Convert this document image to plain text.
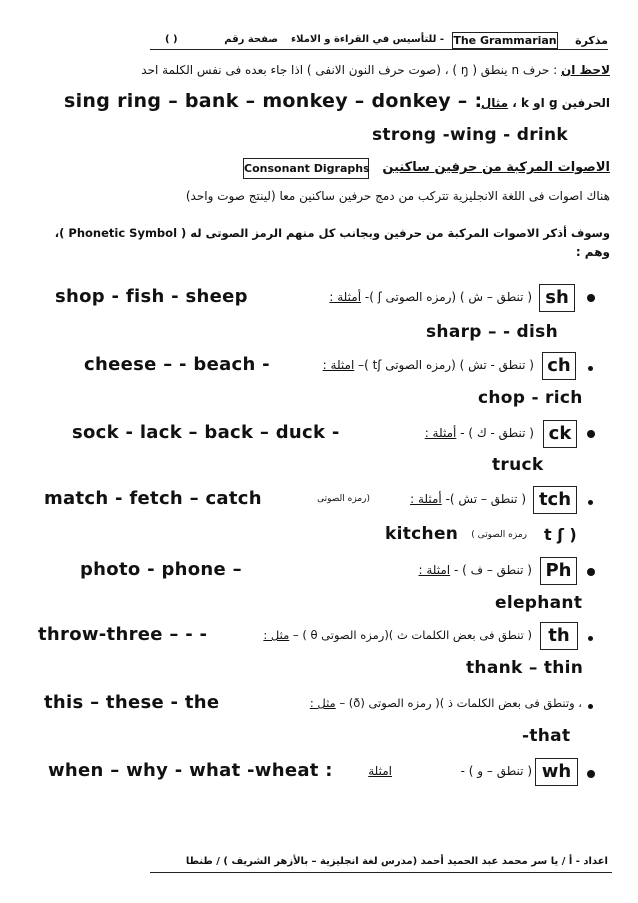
مذكرة
The Grammarian
- للتأسيس في القراءة و الاملاء
صفحة رقم
( )
لاحظ ان : حرف n ينطق ( ŋ ) ، (صوت حرف النون الانفى ) اذا جاء بعده فى نفس الكلمة احد
الحرفين g او k ، مثال
sing ring – bank – monkey – donkey – :
strong -wing - drink
الاصوات المركبة من حرفين ساكنين
Consonant Digraphs
هناك اصوات فى اللغة الانجليزية تتركب من دمج حرفين ساكنين معا (لينتج صوت واحد)
وسوف أذكر الاصوات المركبة من حرفين وبجانب كل منهم الرمز الصوتى له ( Phonetic Symbol )،
وهم :
sh
( تنطق – ش ) (رمزه الصوتى ʃ )- أمثلة :
shop - fish - sheep
sharp – - dish
ch
( تنطق - تش ) (رمزه الصوتى tʃ )– امثلة :
cheese – - beach -
chop - rich
ck
( تنطق - ك ) - أمثلة :
sock - lack – back – duck -
truck
tch
( تنطق – تش )- أمثلة :
(رمزه الصوتى
match - fetch – catch
kitchen رمزه الصوتى ) t ʃ )
Ph
( تنطق – ف ) - امثلة :
photo - phone –
elephant
th
( تنطق فى بعض الكلمات ث )(رمزه الصوتى θ ) – مثل :
throw-three – - -
thank – thin
، وتنطق فى بعض الكلمات ذ )( رمزه الصوتى (ð) – مثل :
this – these - the
-that
wh
( تنطق – و ) -
امثلة
when – why - what -wheat :
اعداد - أ / يا سر محمد عبد الحميد أحمد (مدرس لغة انجليزية – بالأزهر الشريف ) / طنطا
